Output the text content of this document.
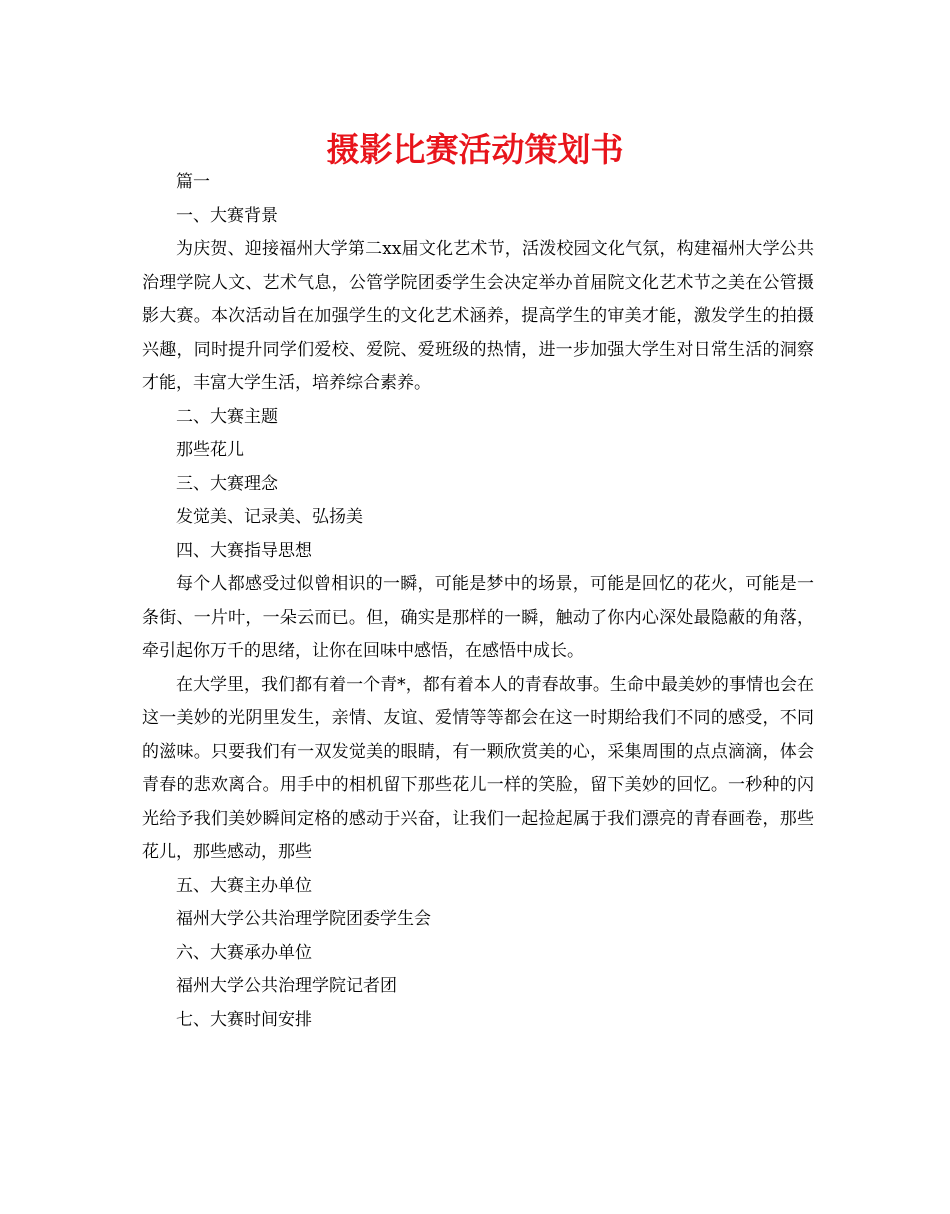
摄影比赛活动策划书

篇一

一、大赛背景

为庆贺、迎接福州大学第二xx届文化艺术节，活泼校园文化气氛，构建福州大学公共治理学院人文、艺术气息，公管学院团委学生会决定举办首届院文化艺术节之美在公管摄影大赛。本次活动旨在加强学生的文化艺术涵养，提高学生的审美才能，激发学生的拍摄兴趣，同时提升同学们爱校、爱院、爱班级的热情，进一步加强大学生对日常生活的洞察才能，丰富大学生活，培养综合素养。

二、大赛主题

那些花儿

三、大赛理念

发觉美、记录美、弘扬美

四、大赛指导思想

每个人都感受过似曾相识的一瞬，可能是梦中的场景，可能是回忆的花火，可能是一条街、一片叶，一朵云而已。但，确实是那样的一瞬，触动了你内心深处最隐蔽的角落，牵引起你万千的思绪，让你在回味中感悟，在感悟中成长。

在大学里，我们都有着一个青*，都有着本人的青春故事。生命中最美妙的事情也会在这一美妙的光阴里发生，亲情、友谊、爱情等等都会在这一时期给我们不同的感受，不同的滋味。只要我们有一双发觉美的眼睛，有一颗欣赏美的心，采集周围的点点滴滴，体会青春的悲欢离合。用手中的相机留下那些花儿一样的笑脸，留下美妙的回忆。一秒种的闪光给予我们美妙瞬间定格的感动于兴奋，让我们一起捡起属于我们漂亮的青春画卷，那些花儿，那些感动，那些

五、大赛主办单位

福州大学公共治理学院团委学生会

六、大赛承办单位

福州大学公共治理学院记者团

七、大赛时间安排
